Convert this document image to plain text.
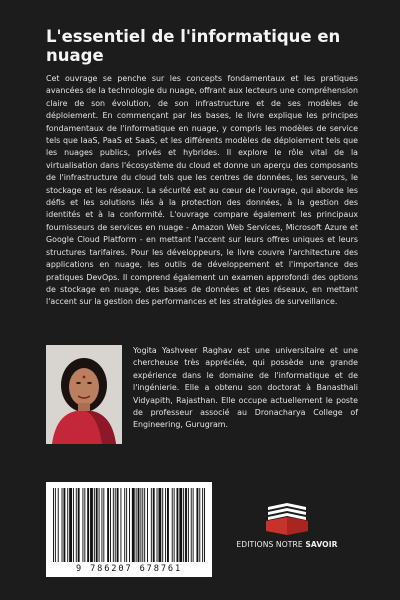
L'essentiel de l'informatique en nuage

Cet ouvrage se penche sur les concepts fondamentaux et les pratiques avancées de la technologie du nuage, offrant aux lecteurs une compréhension claire de son évolution, de son infrastructure et de ses modèles de déploiement. En commençant par les bases, le livre explique les principes fondamentaux de l'informatique en nuage, y compris les modèles de service tels que IaaS, PaaS et SaaS, et les différents modèles de déploiement tels que les nuages publics, privés et hybrides. Il explore le rôle vital de la virtualisation dans l'écosystème du cloud et donne un aperçu des composants de l'infrastructure du cloud tels que les centres de données, les serveurs, le stockage et les réseaux. La sécurité est au cœur de l'ouvrage, qui aborde les défis et les solutions liés à la protection des données, à la gestion des identités et à la conformité. L'ouvrage compare également les principaux fournisseurs de services en nuage - Amazon Web Services, Microsoft Azure et Google Cloud Platform - en mettant l'accent sur leurs offres uniques et leurs structures tarifaires. Pour les développeurs, le livre couvre l'architecture des applications en nuage, les outils de développement et l'importance des pratiques DevOps. Il comprend également un examen approfondi des options de stockage en nuage, des bases de données et des réseaux, en mettant l'accent sur la gestion des performances et les stratégies de surveillance.

Yogita Yashveer Raghav est une universitaire et une chercheuse très appréciée, qui possède une grande expérience dans le domaine de l'informatique et de l'ingénierie. Elle a obtenu son doctorat à Banasthali Vidyapith, Rajasthan. Elle occupe actuellement le poste de professeur associé au Dronacharya College of Engineering, Gurugram.

9 786207 678761
EDITIONS NOTRE SAVOIR
